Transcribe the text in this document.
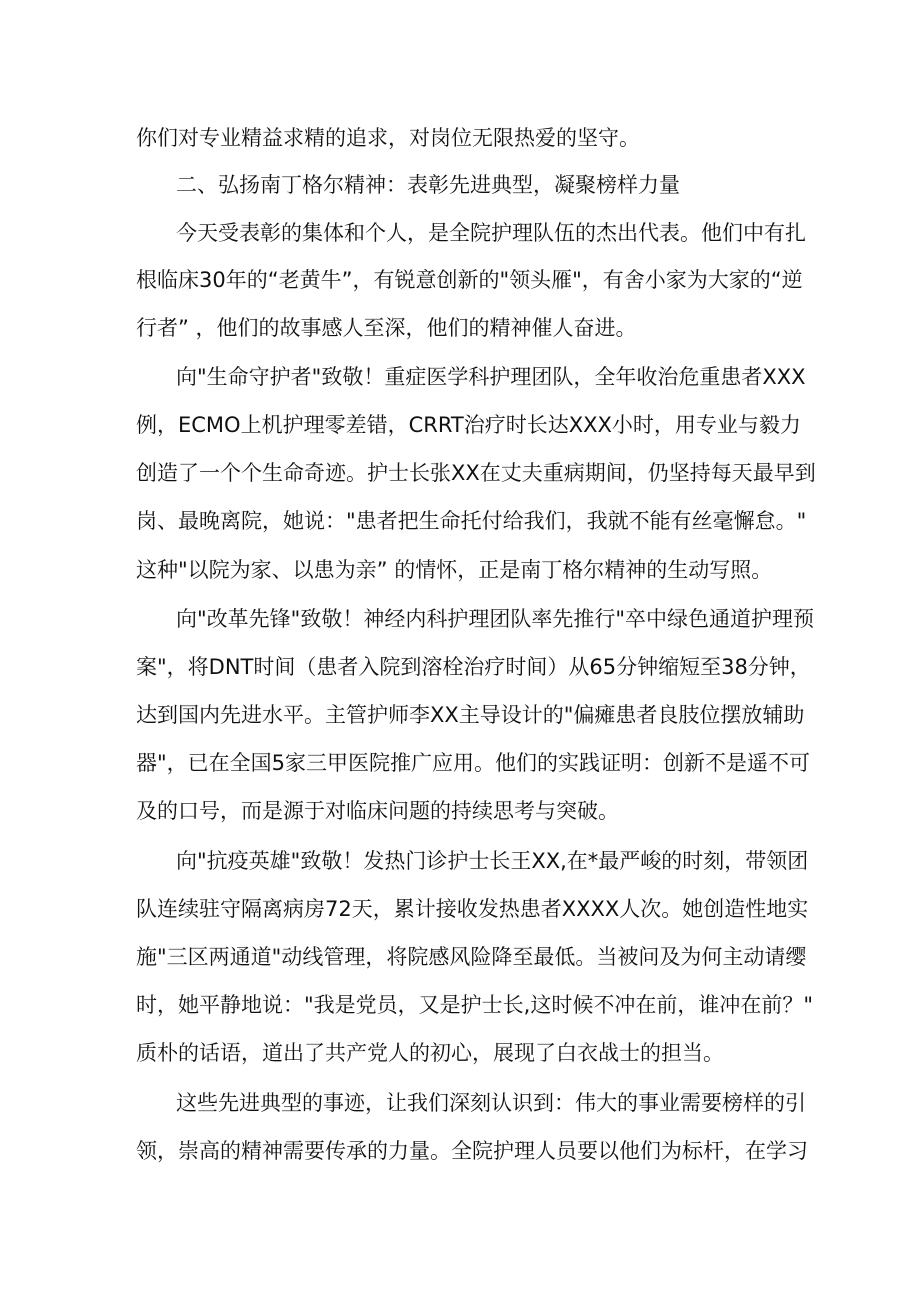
你们对专业精益求精的追求，对岗位无限热爱的坚守。
二、弘扬南丁格尔精神：表彰先进典型，凝聚榜样力量
今天受表彰的集体和个人，是全院护理队伍的杰出代表。他们中有扎
根临床30年的“老黄牛”，有锐意创新的"领头雁"，有舍小家为大家的“逆
行者” ，他们的故事感人至深，他们的精神催人奋进。
向"生命守护者"致敬！重症医学科护理团队，全年收治危重患者XXX
例，ECMO上机护理零差错，CRRT治疗时长达XXX小时，用专业与毅力
创造了一个个生命奇迹。护士长张XX在丈夫重病期间，仍坚持每天最早到
岗、最晚离院，她说："患者把生命托付给我们，我就不能有丝毫懈怠。"
这种"以院为家、以患为亲” 的情怀，正是南丁格尔精神的生动写照。
向"改革先锋"致敬！神经内科护理团队率先推行"卒中绿色通道护理预
案"，将DNT时间（患者入院到溶栓治疗时间）从65分钟缩短至38分钟，
达到国内先进水平。主管护师李XX主导设计的"偏瘫患者良肢位摆放辅助
器"，已在全国5家三甲医院推广应用。他们的实践证明：创新不是遥不可
及的口号，而是源于对临床问题的持续思考与突破。
向"抗疫英雄"致敬！发热门诊护士长王XX,在*最严峻的时刻，带领团
队连续驻守隔离病房72天，累计接收发热患者XXXX人次。她创造性地实
施"三区两通道"动线管理，将院感风险降至最低。当被问及为何主动请缨
时，她平静地说："我是党员，又是护士长,这时候不冲在前，谁冲在前？"
质朴的话语，道出了共产党人的初心，展现了白衣战士的担当。
这些先进典型的事迹，让我们深刻认识到：伟大的事业需要榜样的引
领，崇高的精神需要传承的力量。全院护理人员要以他们为标杆，在学习
